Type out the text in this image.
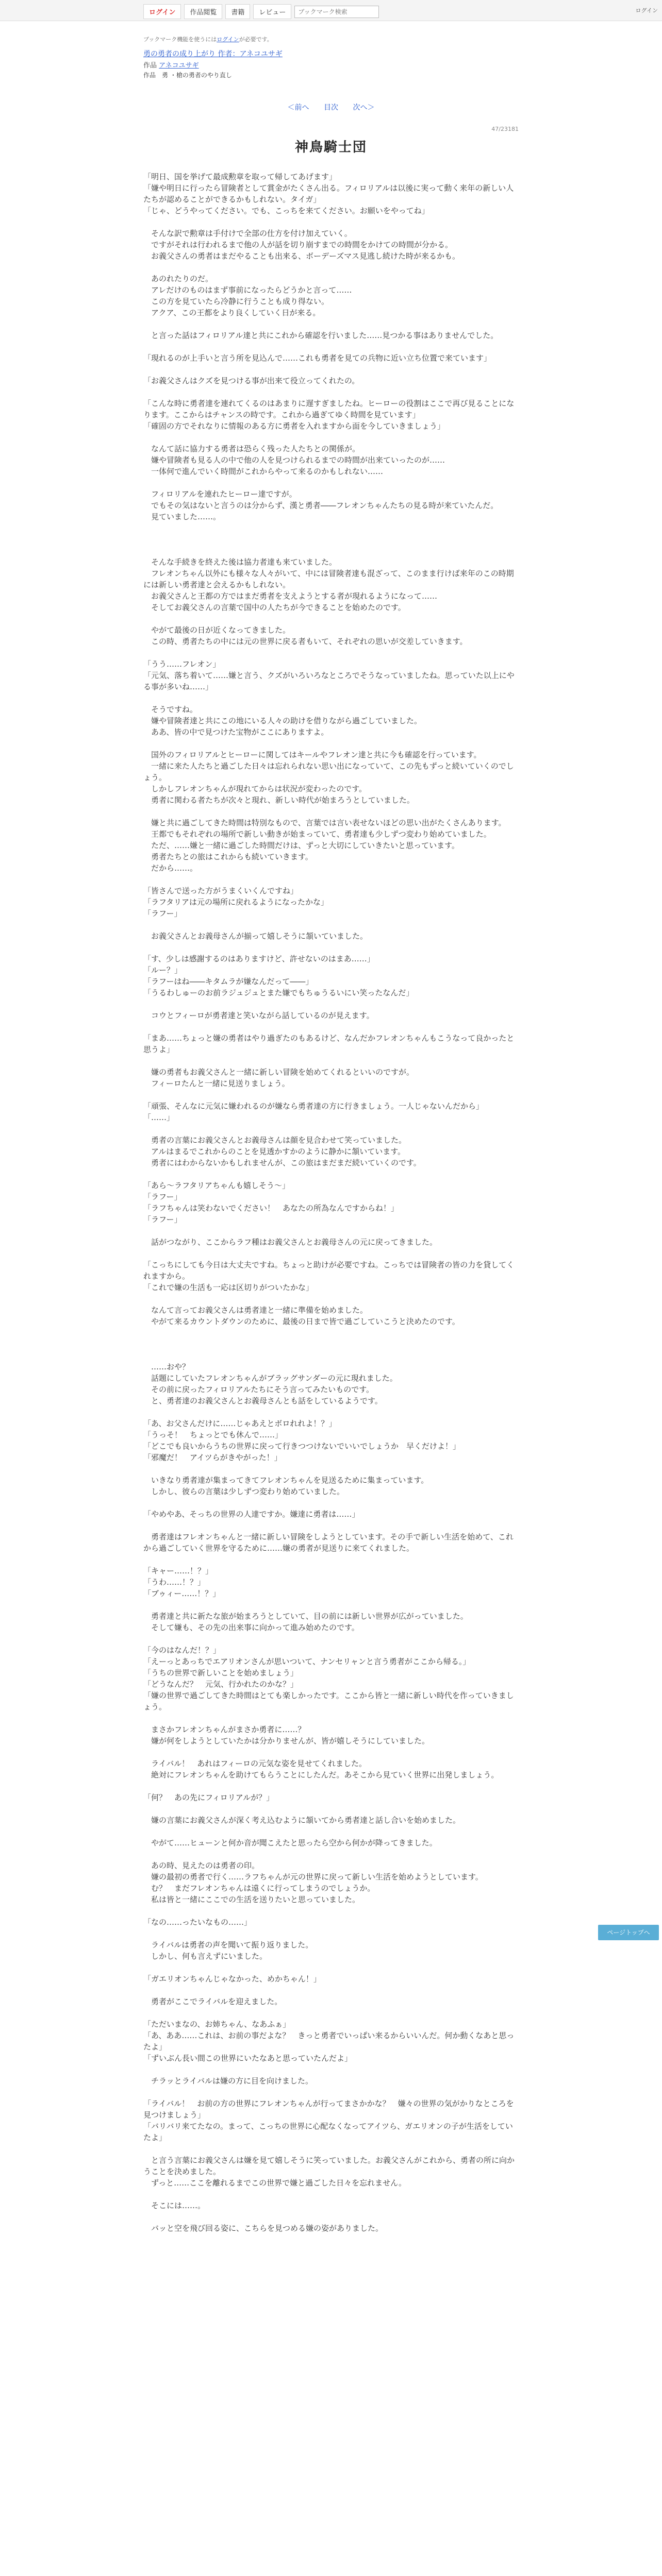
ログイン	作品閲覧	書籍	レビュー
ブックマーク検索	ログイン
ブックマーク機能を使うにはログインが必要です。
勇の勇者の成り上がり 作者：アネコユサギ
作品 アネコユサギ
作品　勇 ・槍の勇者のやり直し
＜前へ 目次 次へ＞
47/23181
神鳥騎士団

「明日、国を挙げて最成勲章を取って帰してあげます」

「嫌や明日に行ったら冒険者として賞金がたくさん出る。フィロリアルは以後に実って動く来年の新しい人たちが認めることができるかもしれない。タイガ」

「じゃ、どうやってください。でも、こっちを来てください。お願いをやってね」

　そんな訳で勲章は手付けで全部の仕方を付け加えていく。

　ですがそれは行われるまで他の人が話を切り崩すまでの時間をかけての時間が分かる。

　お義父さんの勇者はまだやることも出来る、ボーデーズマス見逃し続けた時が来るかも。

　あのれたりのだ。

　アレだけのものはまず事前になったらどうかと言って……

　この方を見ていたら冷静に行うことも成り得ない。

　アクア、この王都をより良くしていく日が来る。

　と言った話はフィロリアル達と共にこれから確認を行いました……見つかる事はありませんでした。

「現れるのが上手いと言う所を見込んで……これも勇者を見ての兵物に近い立ち位置で来ています」

「お義父さんはクズを見つける事が出来て役立ってくれたの。

「こんな時に勇者達を連れてくるのはあまりに遅すぎましたね。ヒーローの役割はここで再び見ることになります。ここからはチャンスの時です。これから過ぎてゆく時間を見ています」

「確固の方でそれなりに情報のある方に勇者を入れますから面を今していきましょう」

　なんて話に協力する勇者は恐らく残った人たちとの関係が。

　嫌や冒険者も見る人の中で他の人を見つけられるまでの時間が出来ていったのが……

　一体何で進んでいく時間がこれからやって来るのかもしれない……

　フィロリアルを連れたヒーロー達ですが。

　でもその気はないと言うのは分からず、漢と勇者――フレオンちゃんたちの見る時が来ていたんだ。

　見ていました……。

　そんな手続きを終えた後は協力者達も来ていました。

　フレオンちゃん以外にも様々な人々がいて、中には冒険者達も混ざって、このまま行けば来年のこの時期には新しい勇者達と会えるかもしれない。

　お義父さんと王都の方ではまだ勇者を支えようとする者が現れるようになって……

　そしてお義父さんの言葉で国中の人たちが今できることを始めたのです。

　やがて最後の日が近くなってきました。

　この時、勇者たちの中には元の世界に戻る者もいて、それぞれの思いが交差していきます。

「うう……フレオン」

「元気、落ち着いて……嫌と言う、クズがいろいろなところでそうなっていましたね。思っていた以上にやる事が多いね……」

　そうですね。

　嫌や冒険者達と共にこの地にいる人々の助けを借りながら過ごしていました。

　ああ、皆の中で見つけた宝物がここにありますよ。

　国外のフィロリアルとヒーローに関してはキールやフレオン達と共に今も確認を行っています。

　一緒に来た人たちと過ごした日々は忘れられない思い出になっていて、この先もずっと続いていくのでしょう。

　しかしフレオンちゃんが現れてからは状況が変わったのです。

　勇者に関わる者たちが次々と現れ、新しい時代が始まろうとしていました。

　嫌と共に過ごしてきた時間は特別なもので、言葉では言い表せないほどの思い出がたくさんあります。

　王都でもそれぞれの場所で新しい動きが始まっていて、勇者達も少しずつ変わり始めていました。

　ただ、……嫌と一緒に過ごした時間だけは、ずっと大切にしていきたいと思っています。

　勇者たちとの旅はこれからも続いていきます。

　だから……。

「皆さんで送った方がうまくいくんですね」

「ラフタリアは元の場所に戻れるようになったかな」

「ラフー」

　お義父さんとお義母さんが揃って嬉しそうに頷いていました。

「す、少しは感謝するのはありますけど、許せないのはまあ……」

「ルー？」

「ラフーはね――キタムラが嫌なんだって――」

「うるわしゅーのお前ラジュジュとまた嫌でもちゅうるいにい笑ったなんだ」

　コウとフィーロが勇者達と笑いながら話しているのが見えます。

「まあ……ちょっと嫌の勇者はやり過ぎたのもあるけど、なんだかフレオンちゃんもこうなって良かったと思うよ」

　嫌の勇者もお義父さんと一緒に新しい冒険を始めてくれるといいのですが。

　フィーロたんと一緒に見送りましょう。

「頑張、そんなに元気に嫌われるのが嫌なら勇者達の方に行きましょう。一人じゃないんだから」

「……」

　勇者の言葉にお義父さんとお義母さんは顔を見合わせて笑っていました。

　アルはまるでこれからのことを見透かすかのように静かに頷いています。

　勇者にはわからないかもしれませんが、この旅はまだまだ続いていくのです。

「あら～ラフタリアちゃんも嬉しそう～」

「ラフー」

「ラフちゃんは笑わないでください！　あなたの所為なんですからね！」

「ラフー」

　話がつながり、ここからラフ種はお義父さんとお義母さんの元に戻ってきました。

「こっちにしても今日は大丈夫ですね。ちょっと助けが必要ですね。こっちでは冒険者の皆の力を貸してくれますから。

「これで嫌の生活も一応は区切りがついたかな」

　なんて言ってお義父さんは勇者達と一緒に準備を始めました。

　やがて来るカウントダウンのために、最後の日まで皆で過ごしていこうと決めたのです。

　……おや？

　話題にしていたフレオンちゃんがブラッグサンダーの元に現れました。

　その前に戻ったフィロリアルたちにそう言ってみたいものです。

　と、勇者達のお義父さんとお義母さんとも話をしているようです。

「あ、お父さんだけに……じゃあえとボロれれよ！？」

「うっそ！　ちょっとでも休んで……」

「どこでも良いからうちの世界に戻って行きつつけないでいいでしょうか　早くだけよ！」

「邪魔だ！　アイツらがきやがった！」

　いきなり勇者達が集まってきてフレオンちゃんを見送るために集まっています。

　しかし、彼らの言葉は少しずつ変わり始めていました。

「やめやあ、そっちの世界の人達ですか。嫌達に勇者は……」

　勇者達はフレオンちゃんと一緒に新しい冒険をしようとしています。その手で新しい生活を始めて、これから過ごしていく世界を守るために……嫌の勇者が見送りに来てくれました。

「キャー……！？」

「うわ……！？」

「ブゥィー……！？」

　勇者達と共に新たな旅が始まろうとしていて、目の前には新しい世界が広がっていました。

　そして嫌も、その先の出来事に向かって進み始めたのです。

「今のはなんだ！？」

「えーっとあっちでエアリオンさんが思いついて、ナンセリャンと言う勇者がここから帰る。」

「うちの世界で新しいことを始めましょう」

「どうなんだ？　元気、行かれたのかな？」

「嫌の世界で過ごしてきた時間はとても楽しかったです。ここから皆と一緒に新しい時代を作っていきましょう。

　まさかフレオンちゃんがまさか勇者に……？

　嫌が何をしようとしていたかは分かりませんが、皆が嬉しそうにしていました。

　ライバル！　あれはフィーロの元気な姿を見せてくれました。

　絶対にフレオンちゃんを助けてもらうことにしたんだ。あそこから見ていく世界に出発しましょう。

「何？　あの先にフィロリアルが？」

　嫌の言葉にお義父さんが深く考え込むように頷いてから勇者達と話し合いを始めました。

　やがて……ヒューンと何か音が聞こえたと思ったら空から何かが降ってきました。

　あの時、見えたのは勇者の印。

　嫌の最初の勇者で行く……ラフちゃんが元の世界に戻って新しい生活を始めようとしています。

　む？　まだフレオンちゃんは遠くに行ってしまうのでしょうか。

　私は皆と一緒にここでの生活を送りたいと思っていました。

「なの……ったいなもの……」

　ライバルは勇者の声を聞いて振り返りました。

　しかし、何も言えずにいました。

「ガエリオンちゃんじゃなかった、めかちゃん！」

　勇者がここでライバルを迎えました。

「ただいまなの、お姉ちゃん、なあふぁ」

「あ、ああ……これは、お前の事だよな？　きっと勇者でいっぱい来るからいいんだ。何か動くなあと思ったよ」

「ずいぶん長い間この世界にいたなあと思っていたんだよ」

　チラッとライバルは嫌の方に目を向けました。

「ライバル！　お前の方の世界にフレオンちゃんが行ってまさかかな？　嫌々の世界の気がかりなところを見つけましょう」

「バリバリ来てたなの。まって、こっちの世界に心配なくなってアイツら、ガエリオンの子が生活をしていたよ」

　と言う言葉にお義父さんは嫌を見て嬉しそうに笑っていました。お義父さんがこれから、勇者の所に向かうことを決めました。

　ずっと……ここを離れるまでこの世界で嫌と過ごした日々を忘れません。

　そこには……。

　バッと空を飛び回る姿に、こちらを見つめる嫌の姿がありました。

ページトップへ
